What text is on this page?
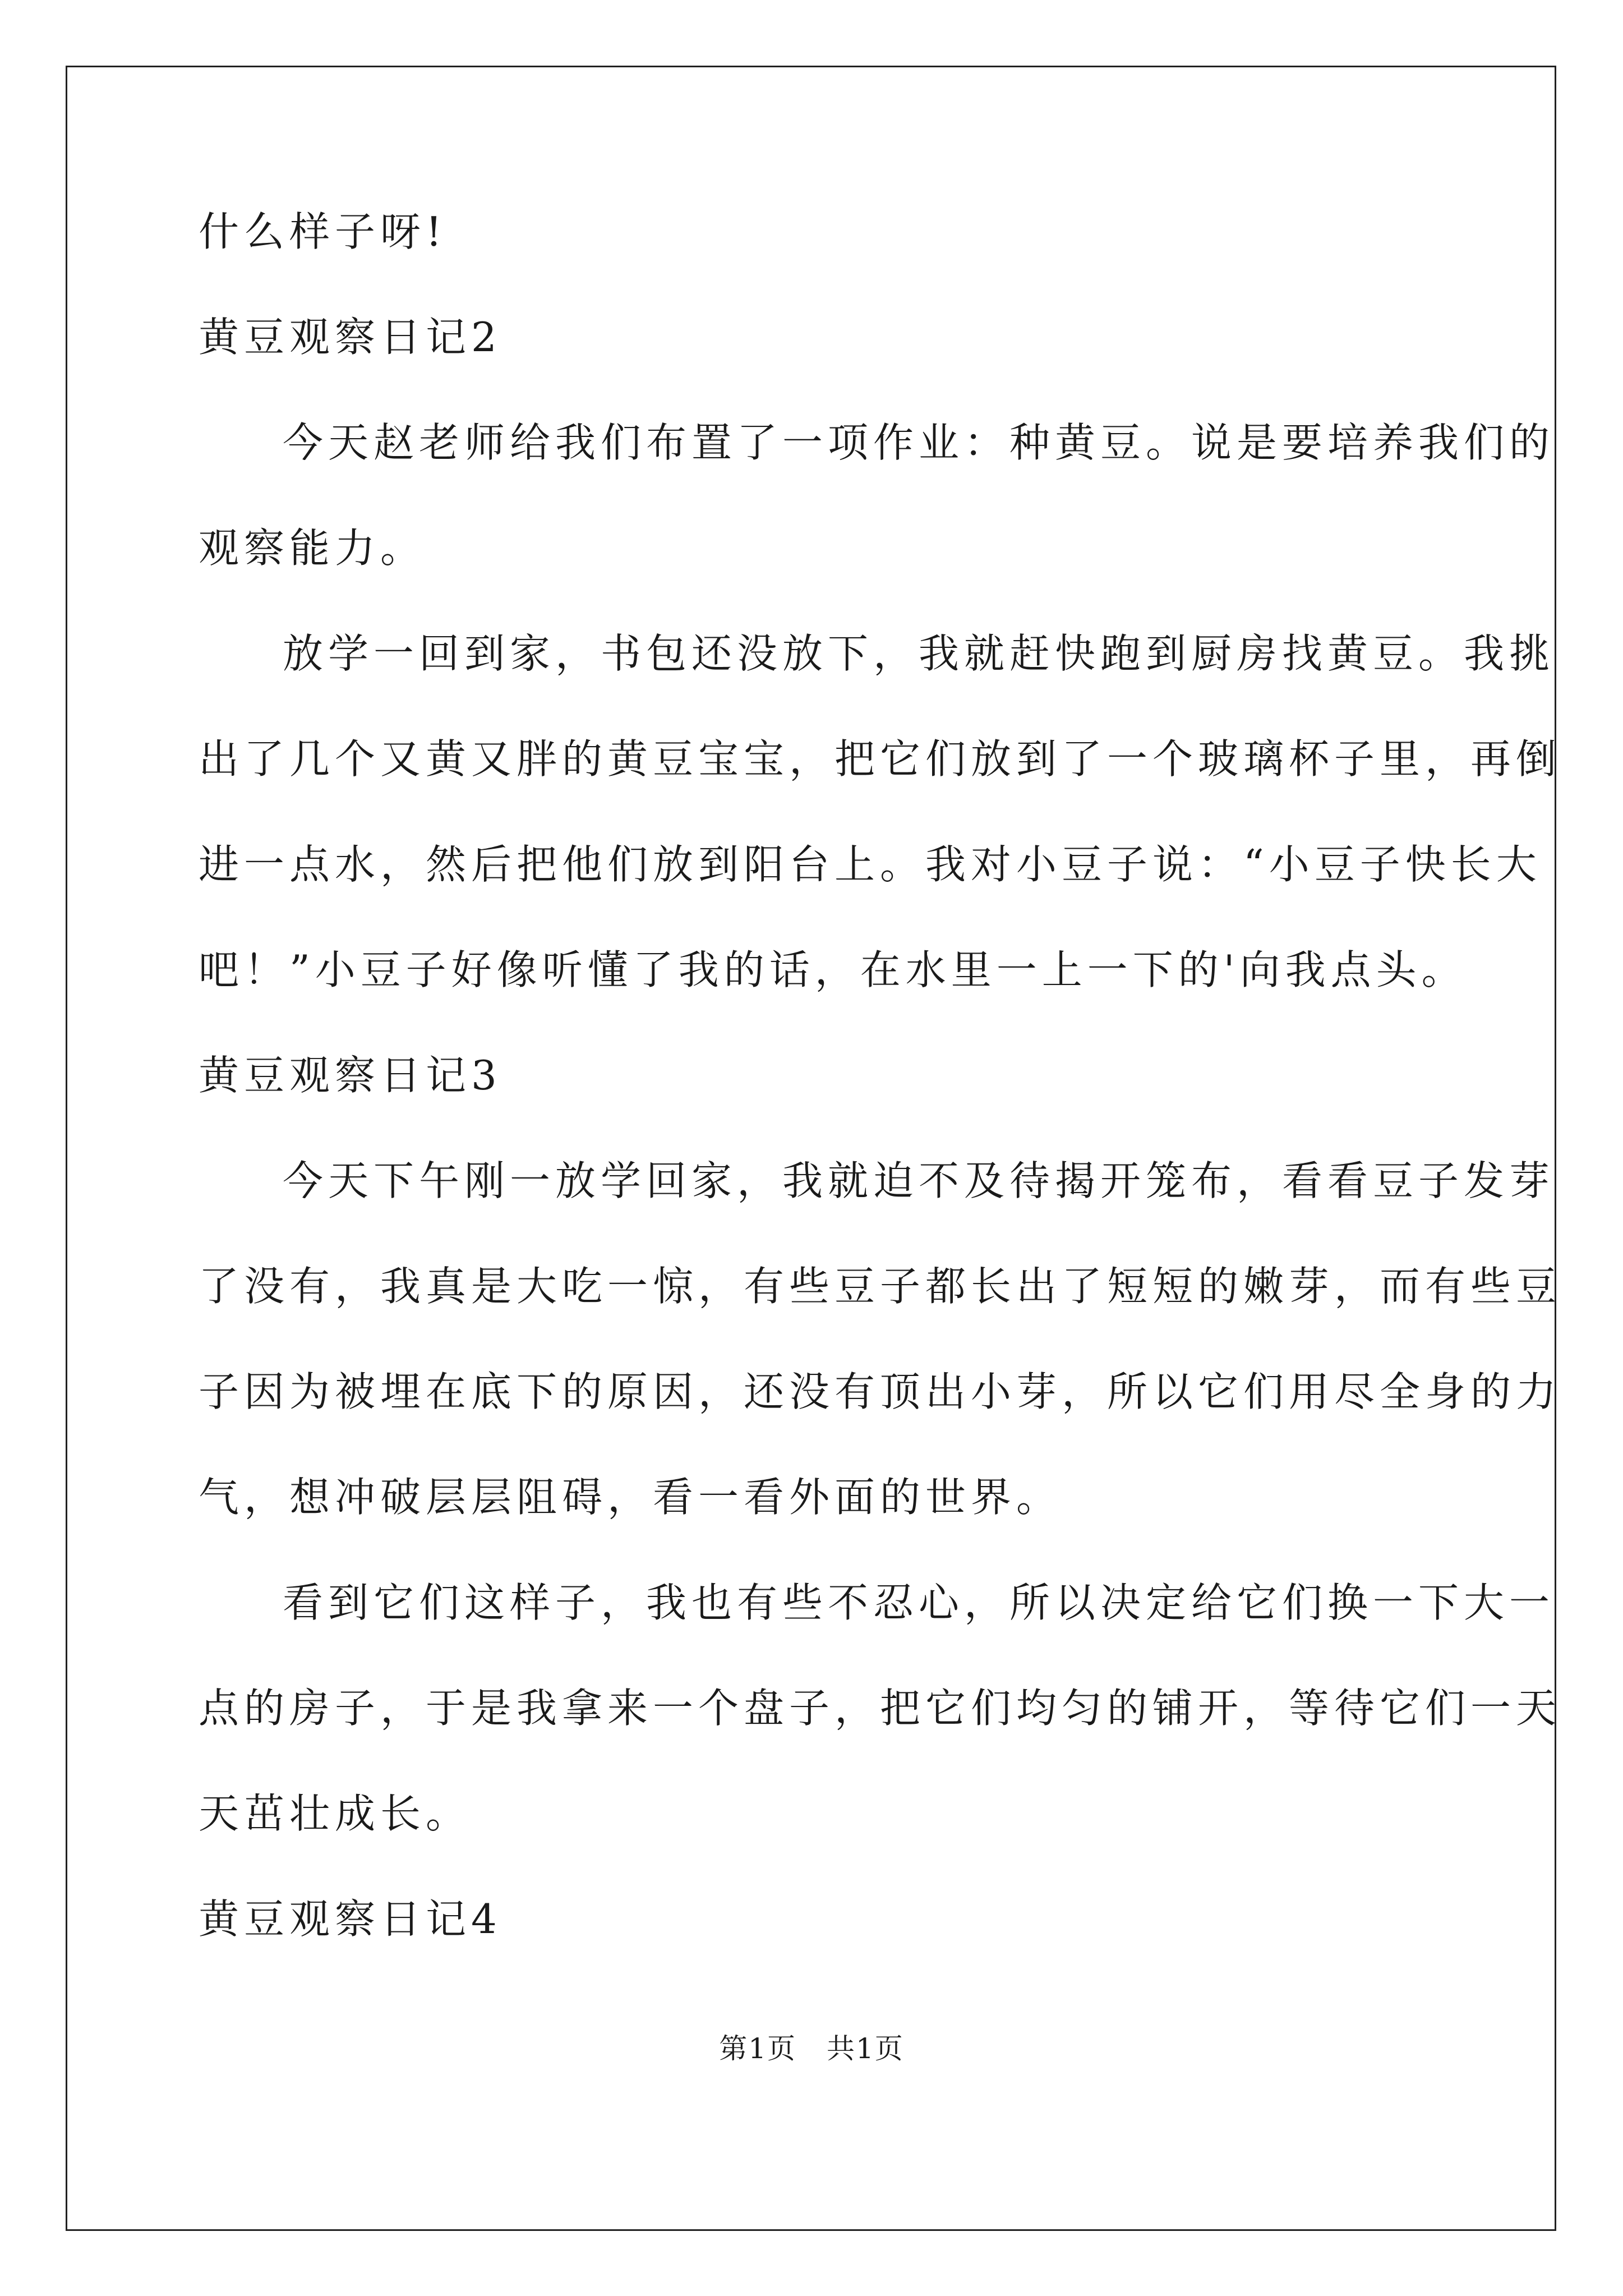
什么样子呀!
黄豆观察日记2
今天赵老师给我们布置了一项作业：种黄豆。说是要培养我们的
观察能力。
放学一回到家，书包还没放下，我就赶快跑到厨房找黄豆。我挑
出了几个又黄又胖的黄豆宝宝，把它们放到了一个玻璃杯子里，再倒
进一点水，然后把他们放到阳台上。我对小豆子说：“小豆子快长大
吧！”小豆子好像听懂了我的话，在水里一上一下的'向我点头。
黄豆观察日记3
今天下午刚一放学回家，我就迫不及待揭开笼布，看看豆子发芽
了没有，我真是大吃一惊，有些豆子都长出了短短的嫩芽，而有些豆
子因为被埋在底下的原因，还没有顶出小芽，所以它们用尽全身的力
气，想冲破层层阻碍，看一看外面的世界。
看到它们这样子，我也有些不忍心，所以决定给它们换一下大一
点的房子，于是我拿来一个盘子，把它们均匀的铺开，等待它们一天
天茁壮成长。
黄豆观察日记4
第1页 共1页
